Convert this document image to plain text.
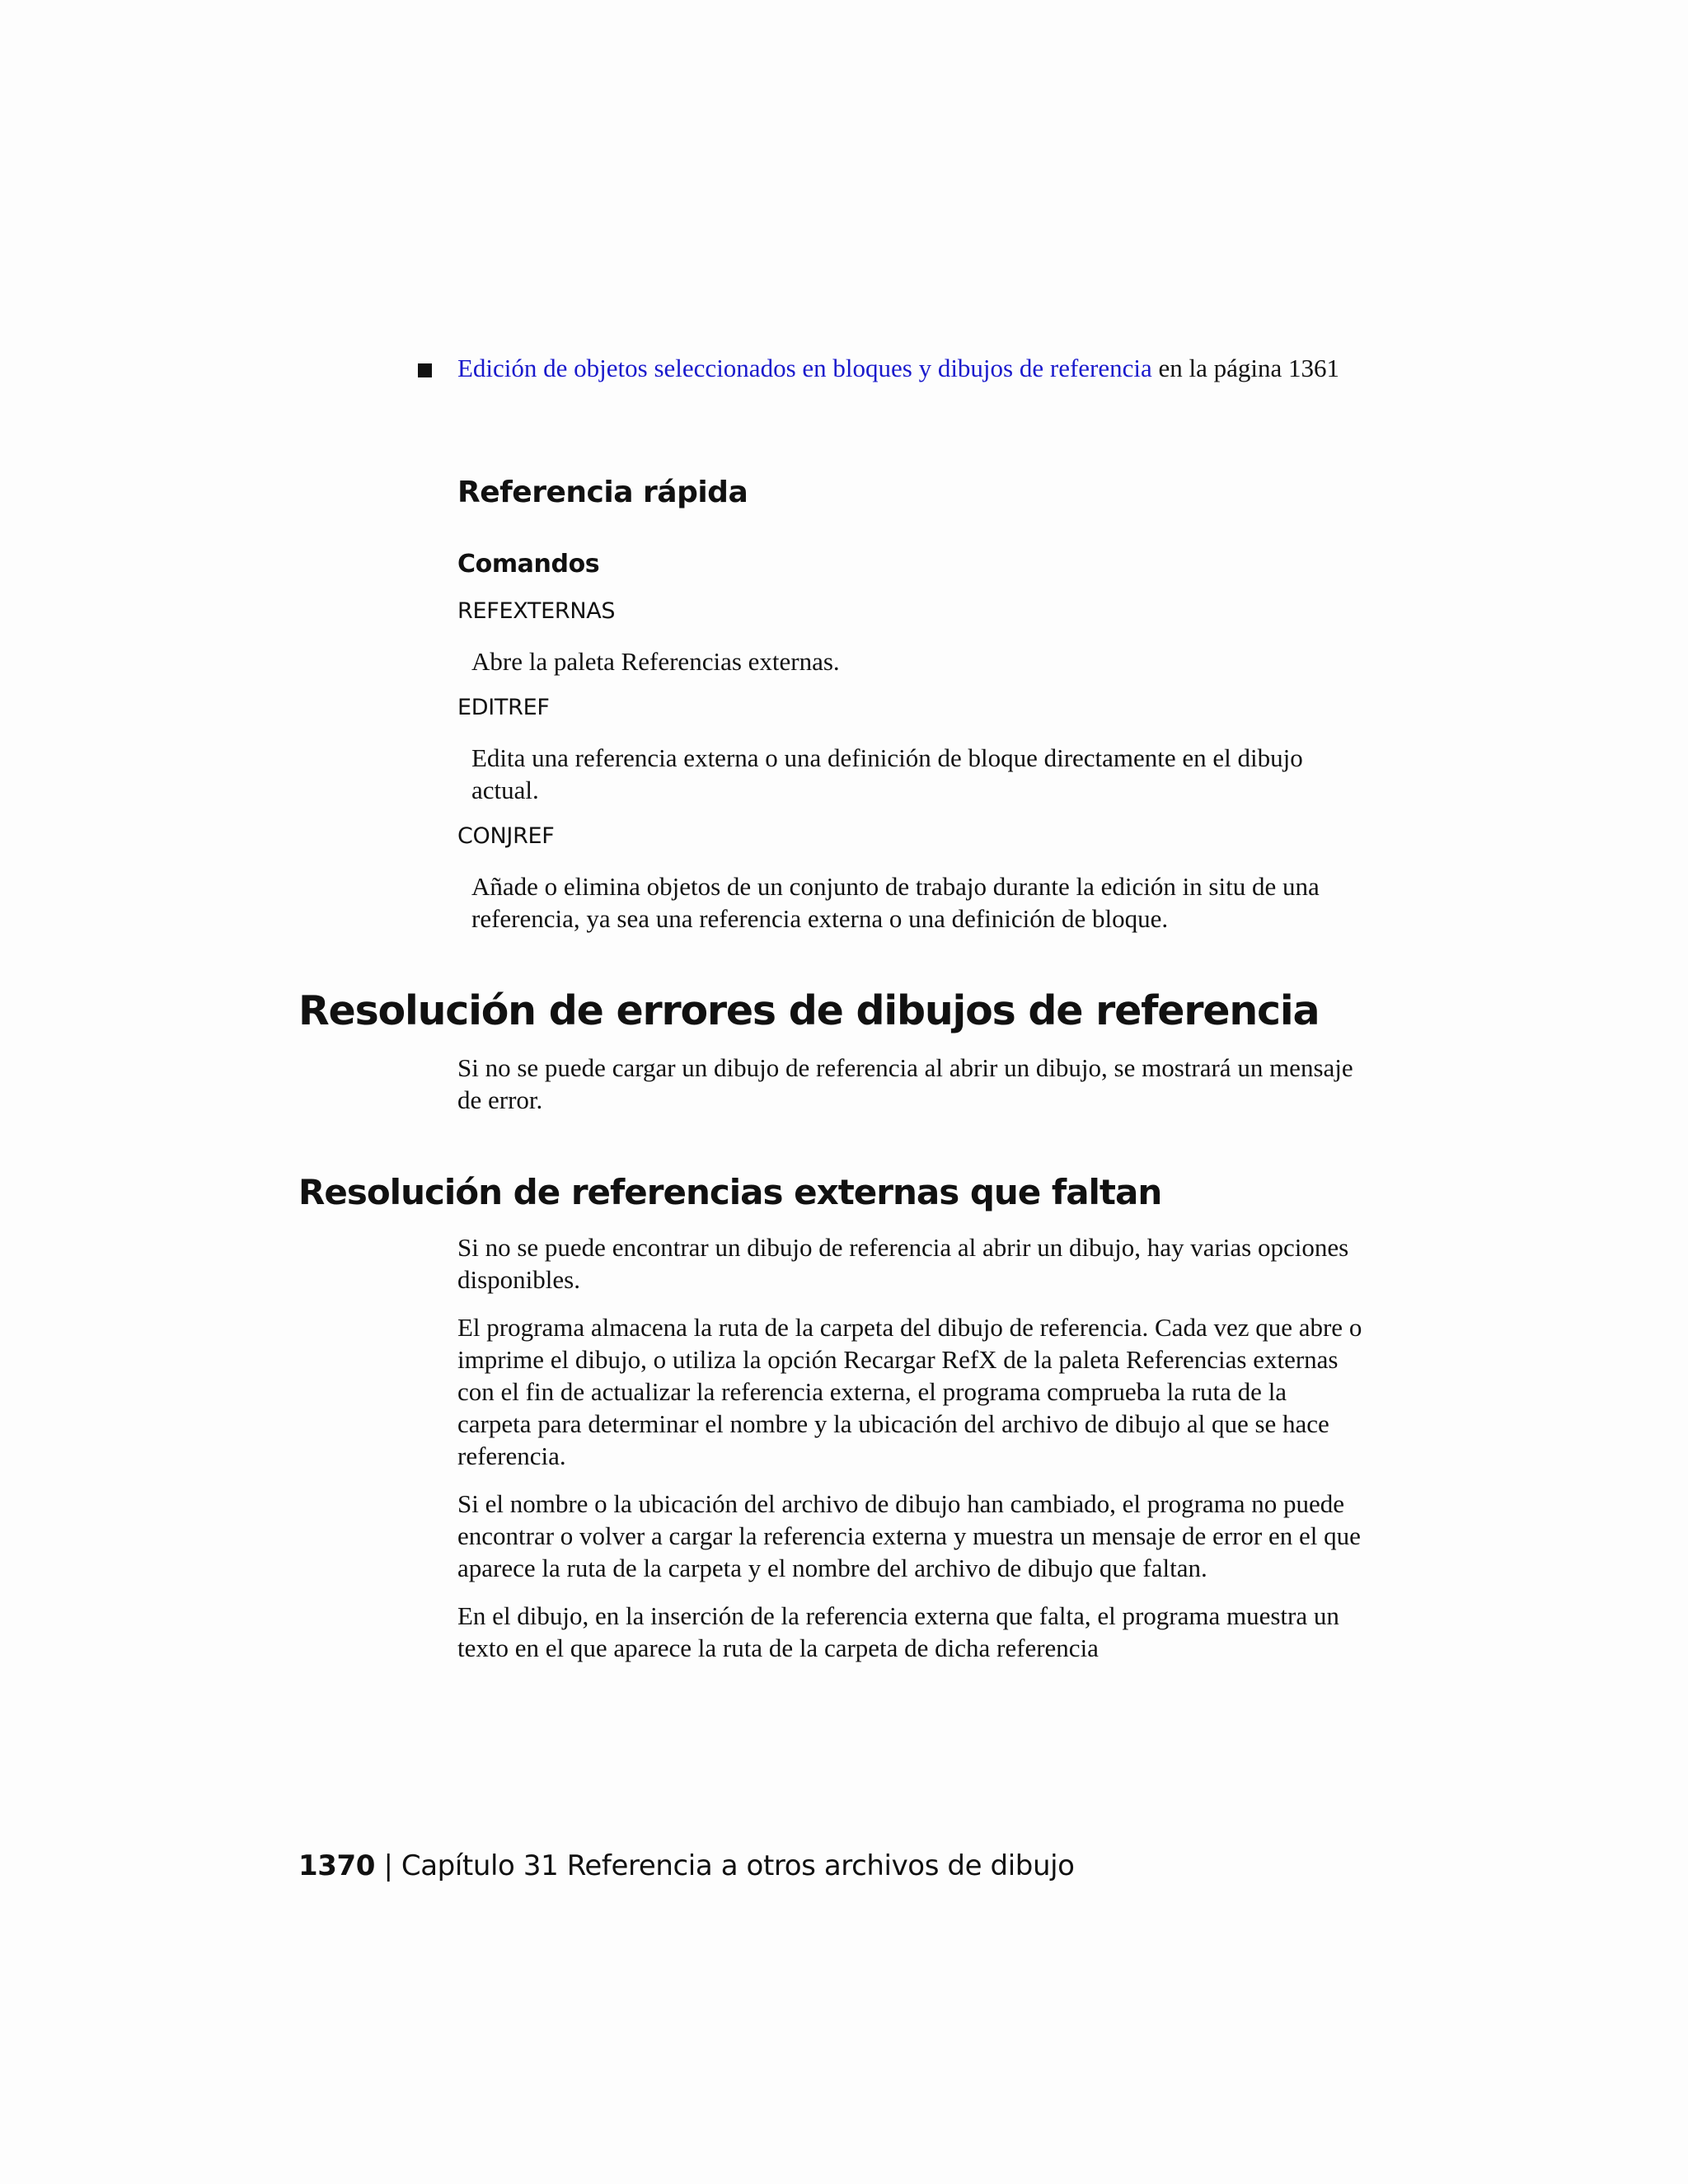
Edición de objetos seleccionados en bloques y dibujos de referencia en la página 1361
Referencia rápida
Comandos
REFEXTERNAS
Abre la paleta Referencias externas.
EDITREF
Edita una referencia externa o una definición de bloque directamente en el dibujo actual.
CONJREF
Añade o elimina objetos de un conjunto de trabajo durante la edición in situ de una referencia, ya sea una referencia externa o una definición de bloque.
Resolución de errores de dibujos de referencia
Si no se puede cargar un dibujo de referencia al abrir un dibujo, se mostrará un mensaje de error.
Resolución de referencias externas que faltan

Si no se puede encontrar un dibujo de referencia al abrir un dibujo, hay varias opciones disponibles.

El programa almacena la ruta de la carpeta del dibujo de referencia. Cada vez que abre o imprime el dibujo, o utiliza la opción Recargar RefX de la paleta Referencias externas con el fin de actualizar la referencia externa, el programa comprueba la ruta de la carpeta para determinar el nombre y la ubicación del archivo de dibujo al que se hace referencia.

Si el nombre o la ubicación del archivo de dibujo han cambiado, el programa no puede encontrar o volver a cargar la referencia externa y muestra un mensaje de error en el que aparece la ruta de la carpeta y el nombre del archivo de dibujo que faltan.

En el dibujo, en la inserción de la referencia externa que falta, el programa muestra un texto en el que aparece la ruta de la carpeta de dicha referencia

1370 | Capítulo 31 Referencia a otros archivos de dibujo
